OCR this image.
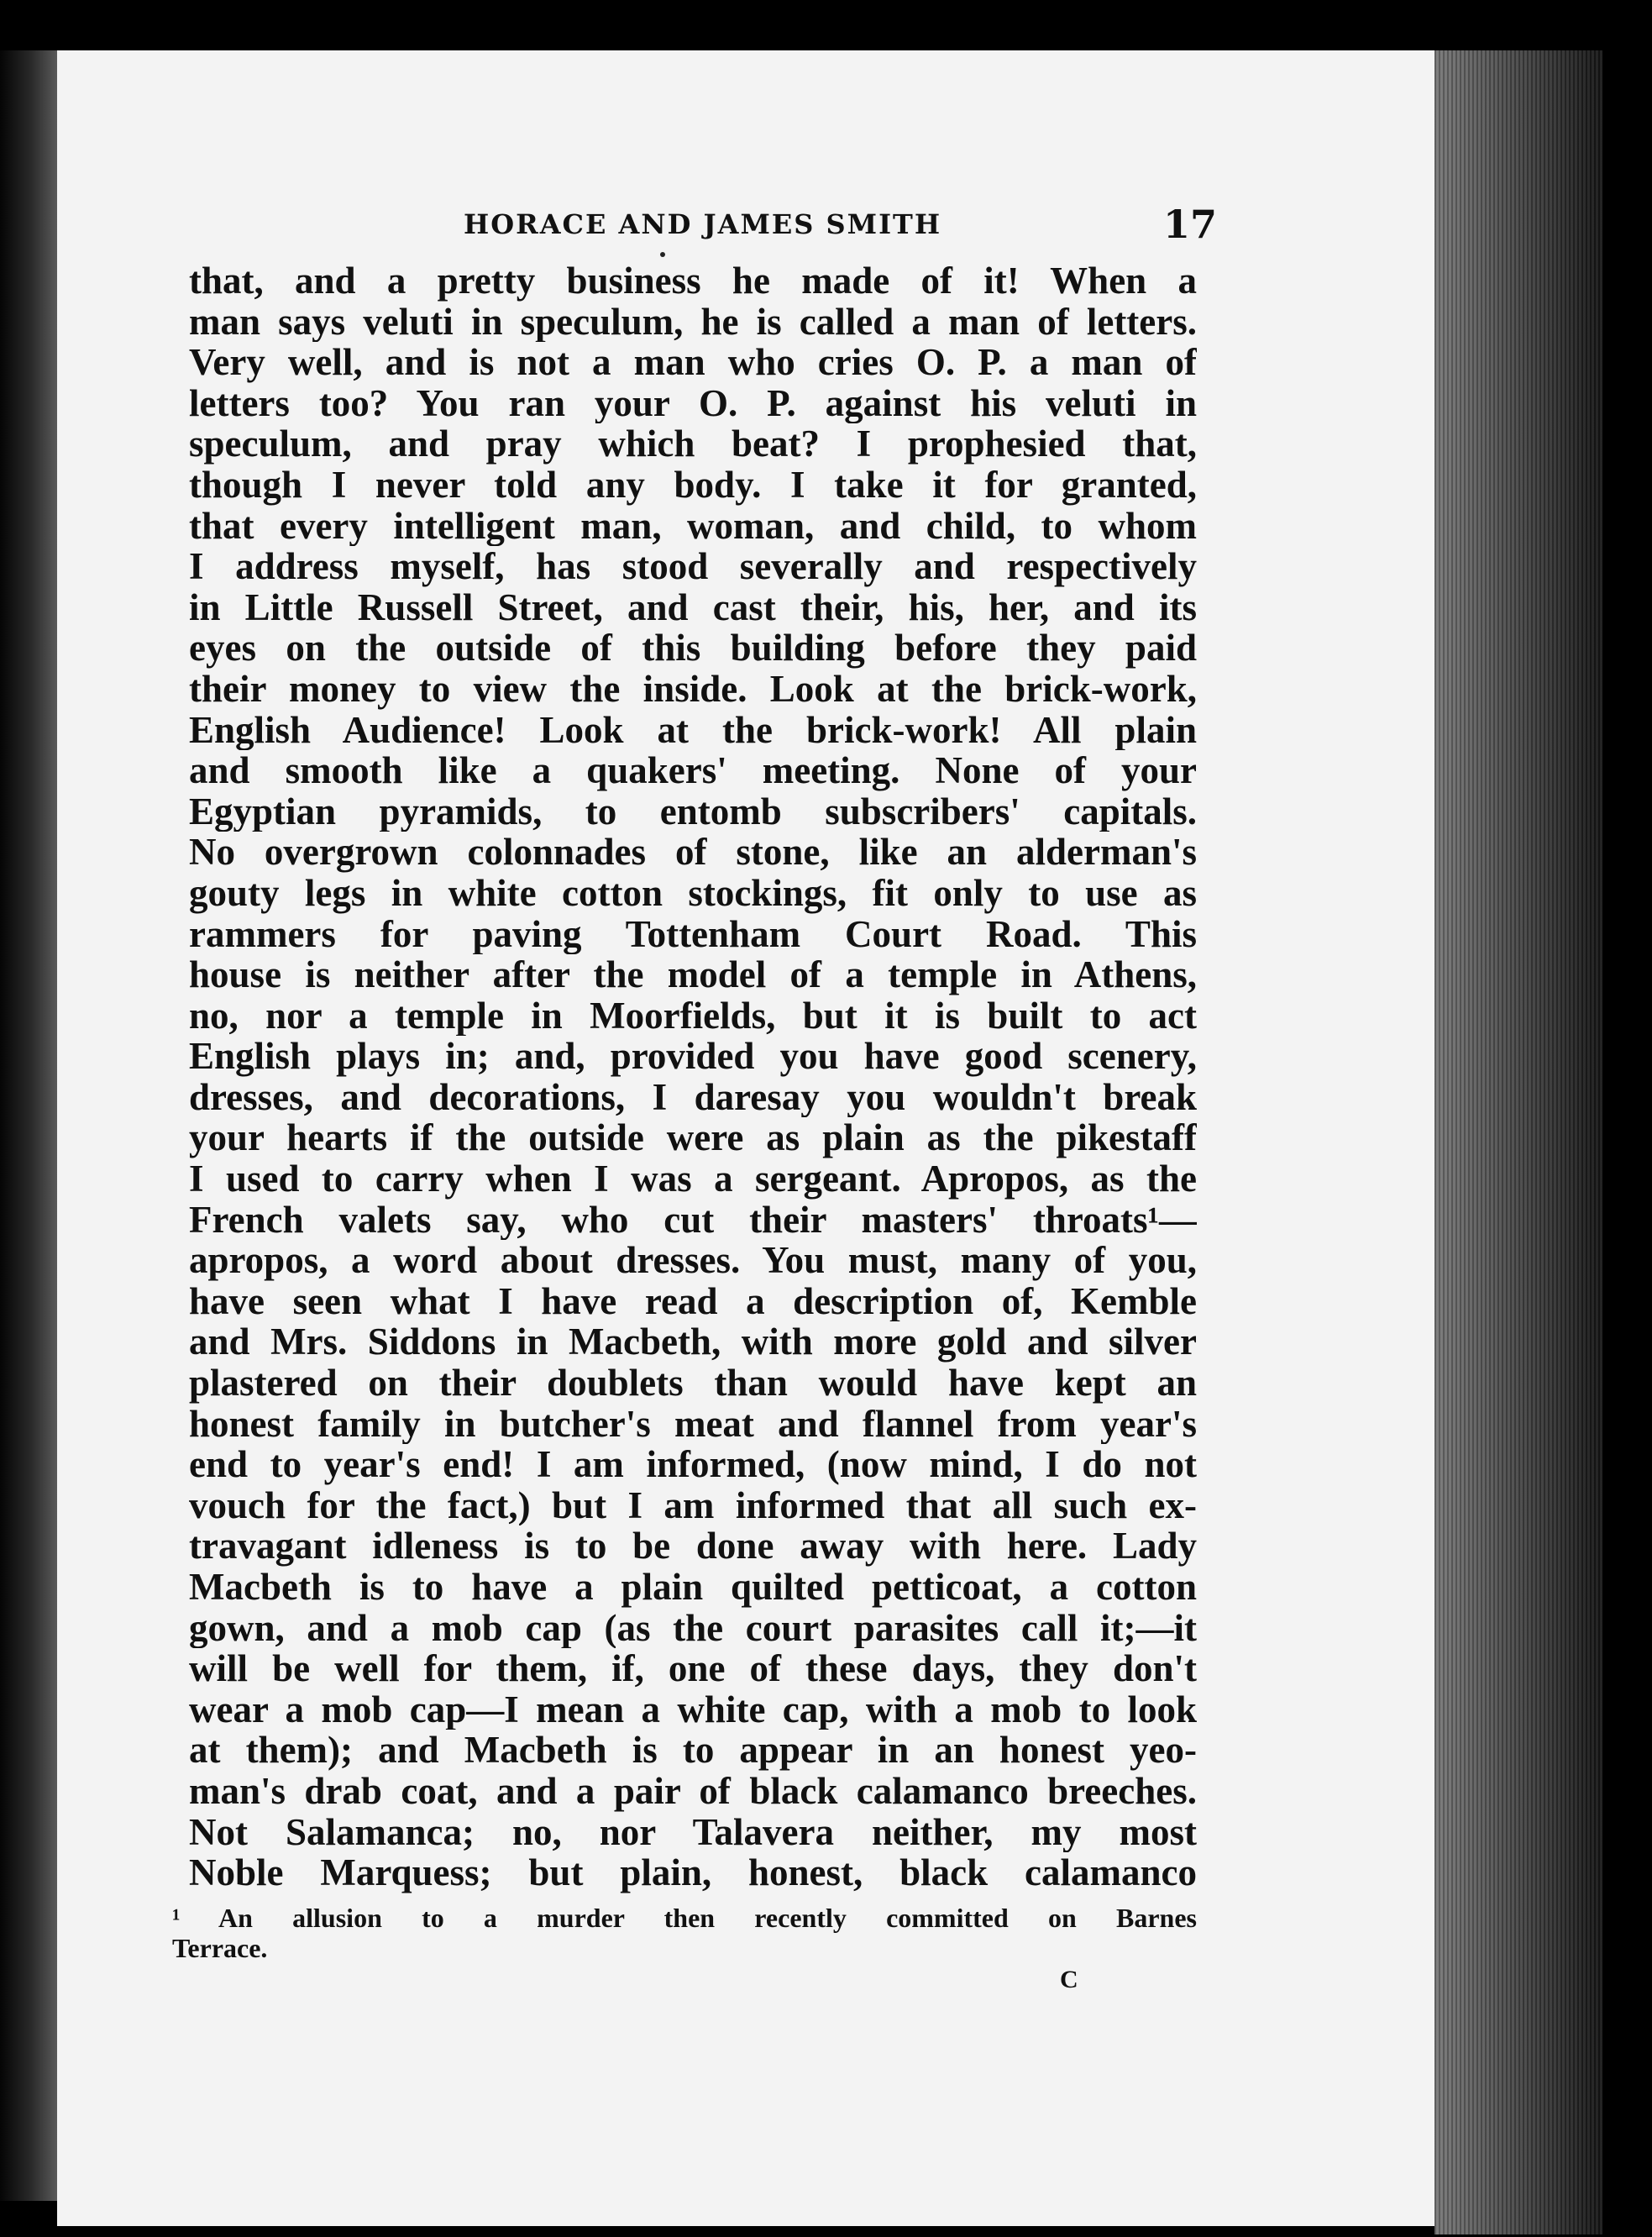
HORACE AND JAMES SMITH	17
that, and a pretty business he made of it! When a
man says veluti in speculum, he is called a man of letters.
Very well, and is not a man who cries O. P. a man of
letters too? You ran your O. P. against his veluti in
speculum, and pray which beat? I prophesied that,
though I never told any body. I take it for granted,
that every intelligent man, woman, and child, to whom
I address myself, has stood severally and respectively
in Little Russell Street, and cast their, his, her, and its
eyes on the outside of this building before they paid
their money to view the inside. Look at the brick-work,
English Audience! Look at the brick-work! All plain
and smooth like a quakers' meeting. None of your
Egyptian pyramids, to entomb subscribers' capitals.
No overgrown colonnades of stone, like an alderman's
gouty legs in white cotton stockings, fit only to use as
rammers for paving Tottenham Court Road. This
house is neither after the model of a temple in Athens,
no, nor a temple in Moorfields, but it is built to act
English plays in; and, provided you have good scenery,
dresses, and decorations, I daresay you wouldn't break
your hearts if the outside were as plain as the pikestaff
I used to carry when I was a sergeant. Apropos, as the
French valets say, who cut their masters' throats¹—
apropos, a word about dresses. You must, many of you,
have seen what I have read a description of, Kemble
and Mrs. Siddons in Macbeth, with more gold and silver
plastered on their doublets than would have kept an
honest family in butcher's meat and flannel from year's
end to year's end! I am informed, (now mind, I do not
vouch for the fact,) but I am informed that all such ex-
travagant idleness is to be done away with here. Lady
Macbeth is to have a plain quilted petticoat, a cotton
gown, and a mob cap (as the court parasites call it;—it
will be well for them, if, one of these days, they don't
wear a mob cap—I mean a white cap, with a mob to look
at them); and Macbeth is to appear in an honest yeo-
man's drab coat, and a pair of black calamanco breeches.
Not Salamanca; no, nor Talavera neither, my most
Noble Marquess; but plain, honest, black calamanco
¹ An allusion to a murder then recently committed on Barnes
Terrace.
C
